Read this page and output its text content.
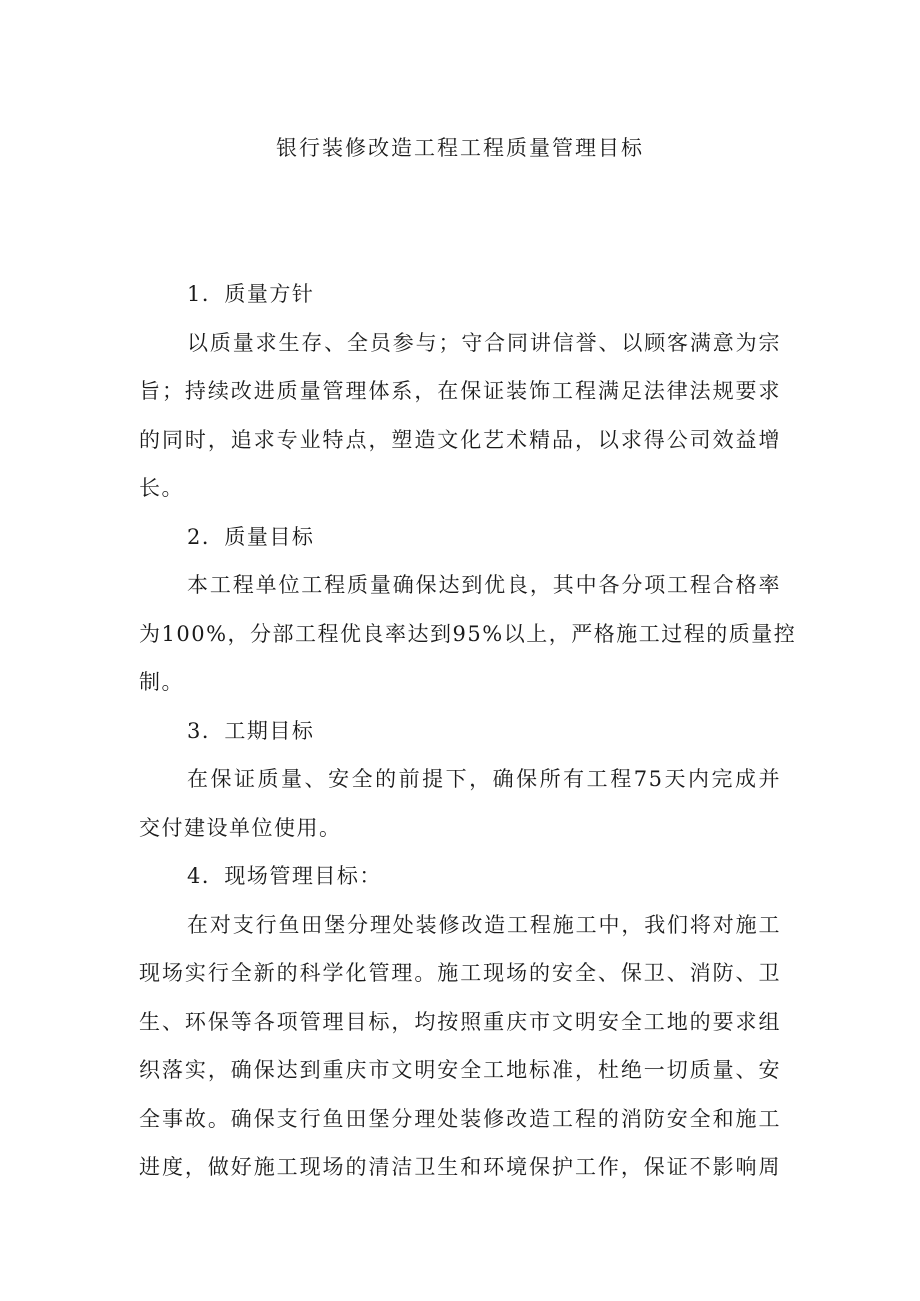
银行装修改造工程工程质量管理目标

1．质量方针

以质量求生存、全员参与；守合同讲信誉、以顾客满意为宗
旨；持续改进质量管理体系，在保证装饰工程满足法律法规要求
的同时，追求专业特点，塑造文化艺术精品，以求得公司效益增
长。

2．质量目标

本工程单位工程质量确保达到优良，其中各分项工程合格率
为100%，分部工程优良率达到95%以上，严格施工过程的质量控
制。

3．工期目标

在保证质量、安全的前提下，确保所有工程75天内完成并
交付建设单位使用。

4．现场管理目标：

在对支行鱼田堡分理处装修改造工程施工中，我们将对施工
现场实行全新的科学化管理。施工现场的安全、保卫、消防、卫
生、环保等各项管理目标，均按照重庆市文明安全工地的要求组
织落实，确保达到重庆市文明安全工地标准，杜绝一切质量、安
全事故。确保支行鱼田堡分理处装修改造工程的消防安全和施工
进度，做好施工现场的清洁卫生和环境保护工作，保证不影响周
